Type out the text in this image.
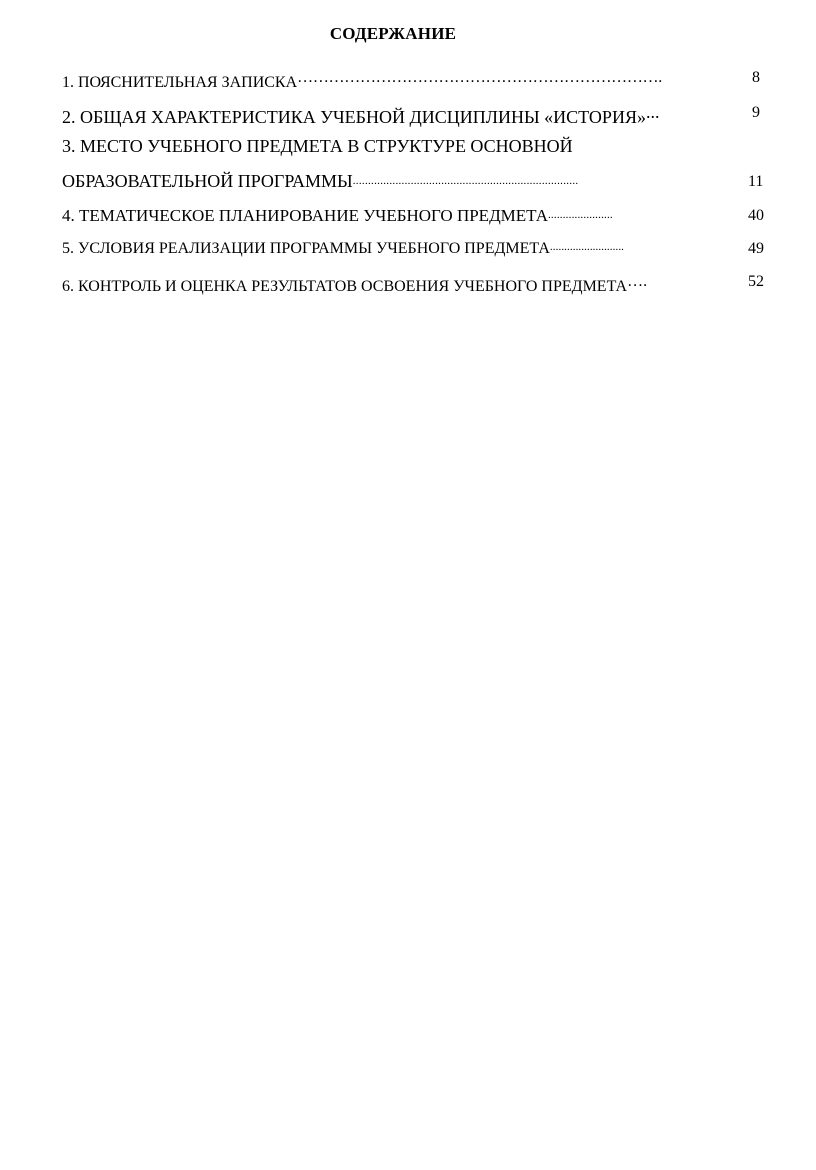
СОДЕРЖАНИЕ
1. ПОЯСНИТЕЛЬНАЯ ЗАПИСКА…………………………………………………………….	8
2. ОБЩАЯ ХАРАКТЕРИСТИКА УЧЕБНОЙ ДИСЦИПЛИНЫ «ИСТОРИЯ»...	9
3. МЕСТО УЧЕБНОГО ПРЕДМЕТА В СТРУКТУРЕ ОСНОВНОЙ
ОБРАЗОВАТЕЛЬНОЙ ПРОГРАММЫ..........................................................................	11
4. ТЕМАТИЧЕСКОЕ ПЛАНИРОВАНИЕ УЧЕБНОГО ПРЕДМЕТА......................	40
5. УСЛОВИЯ РЕАЛИЗАЦИИ ПРОГРАММЫ УЧЕБНОГО ПРЕДМЕТА..........................	49
6. КОНТРОЛЬ И ОЦЕНКА РЕЗУЛЬТАТОВ ОСВОЕНИЯ УЧЕБНОГО ПРЕДМЕТА….	52
